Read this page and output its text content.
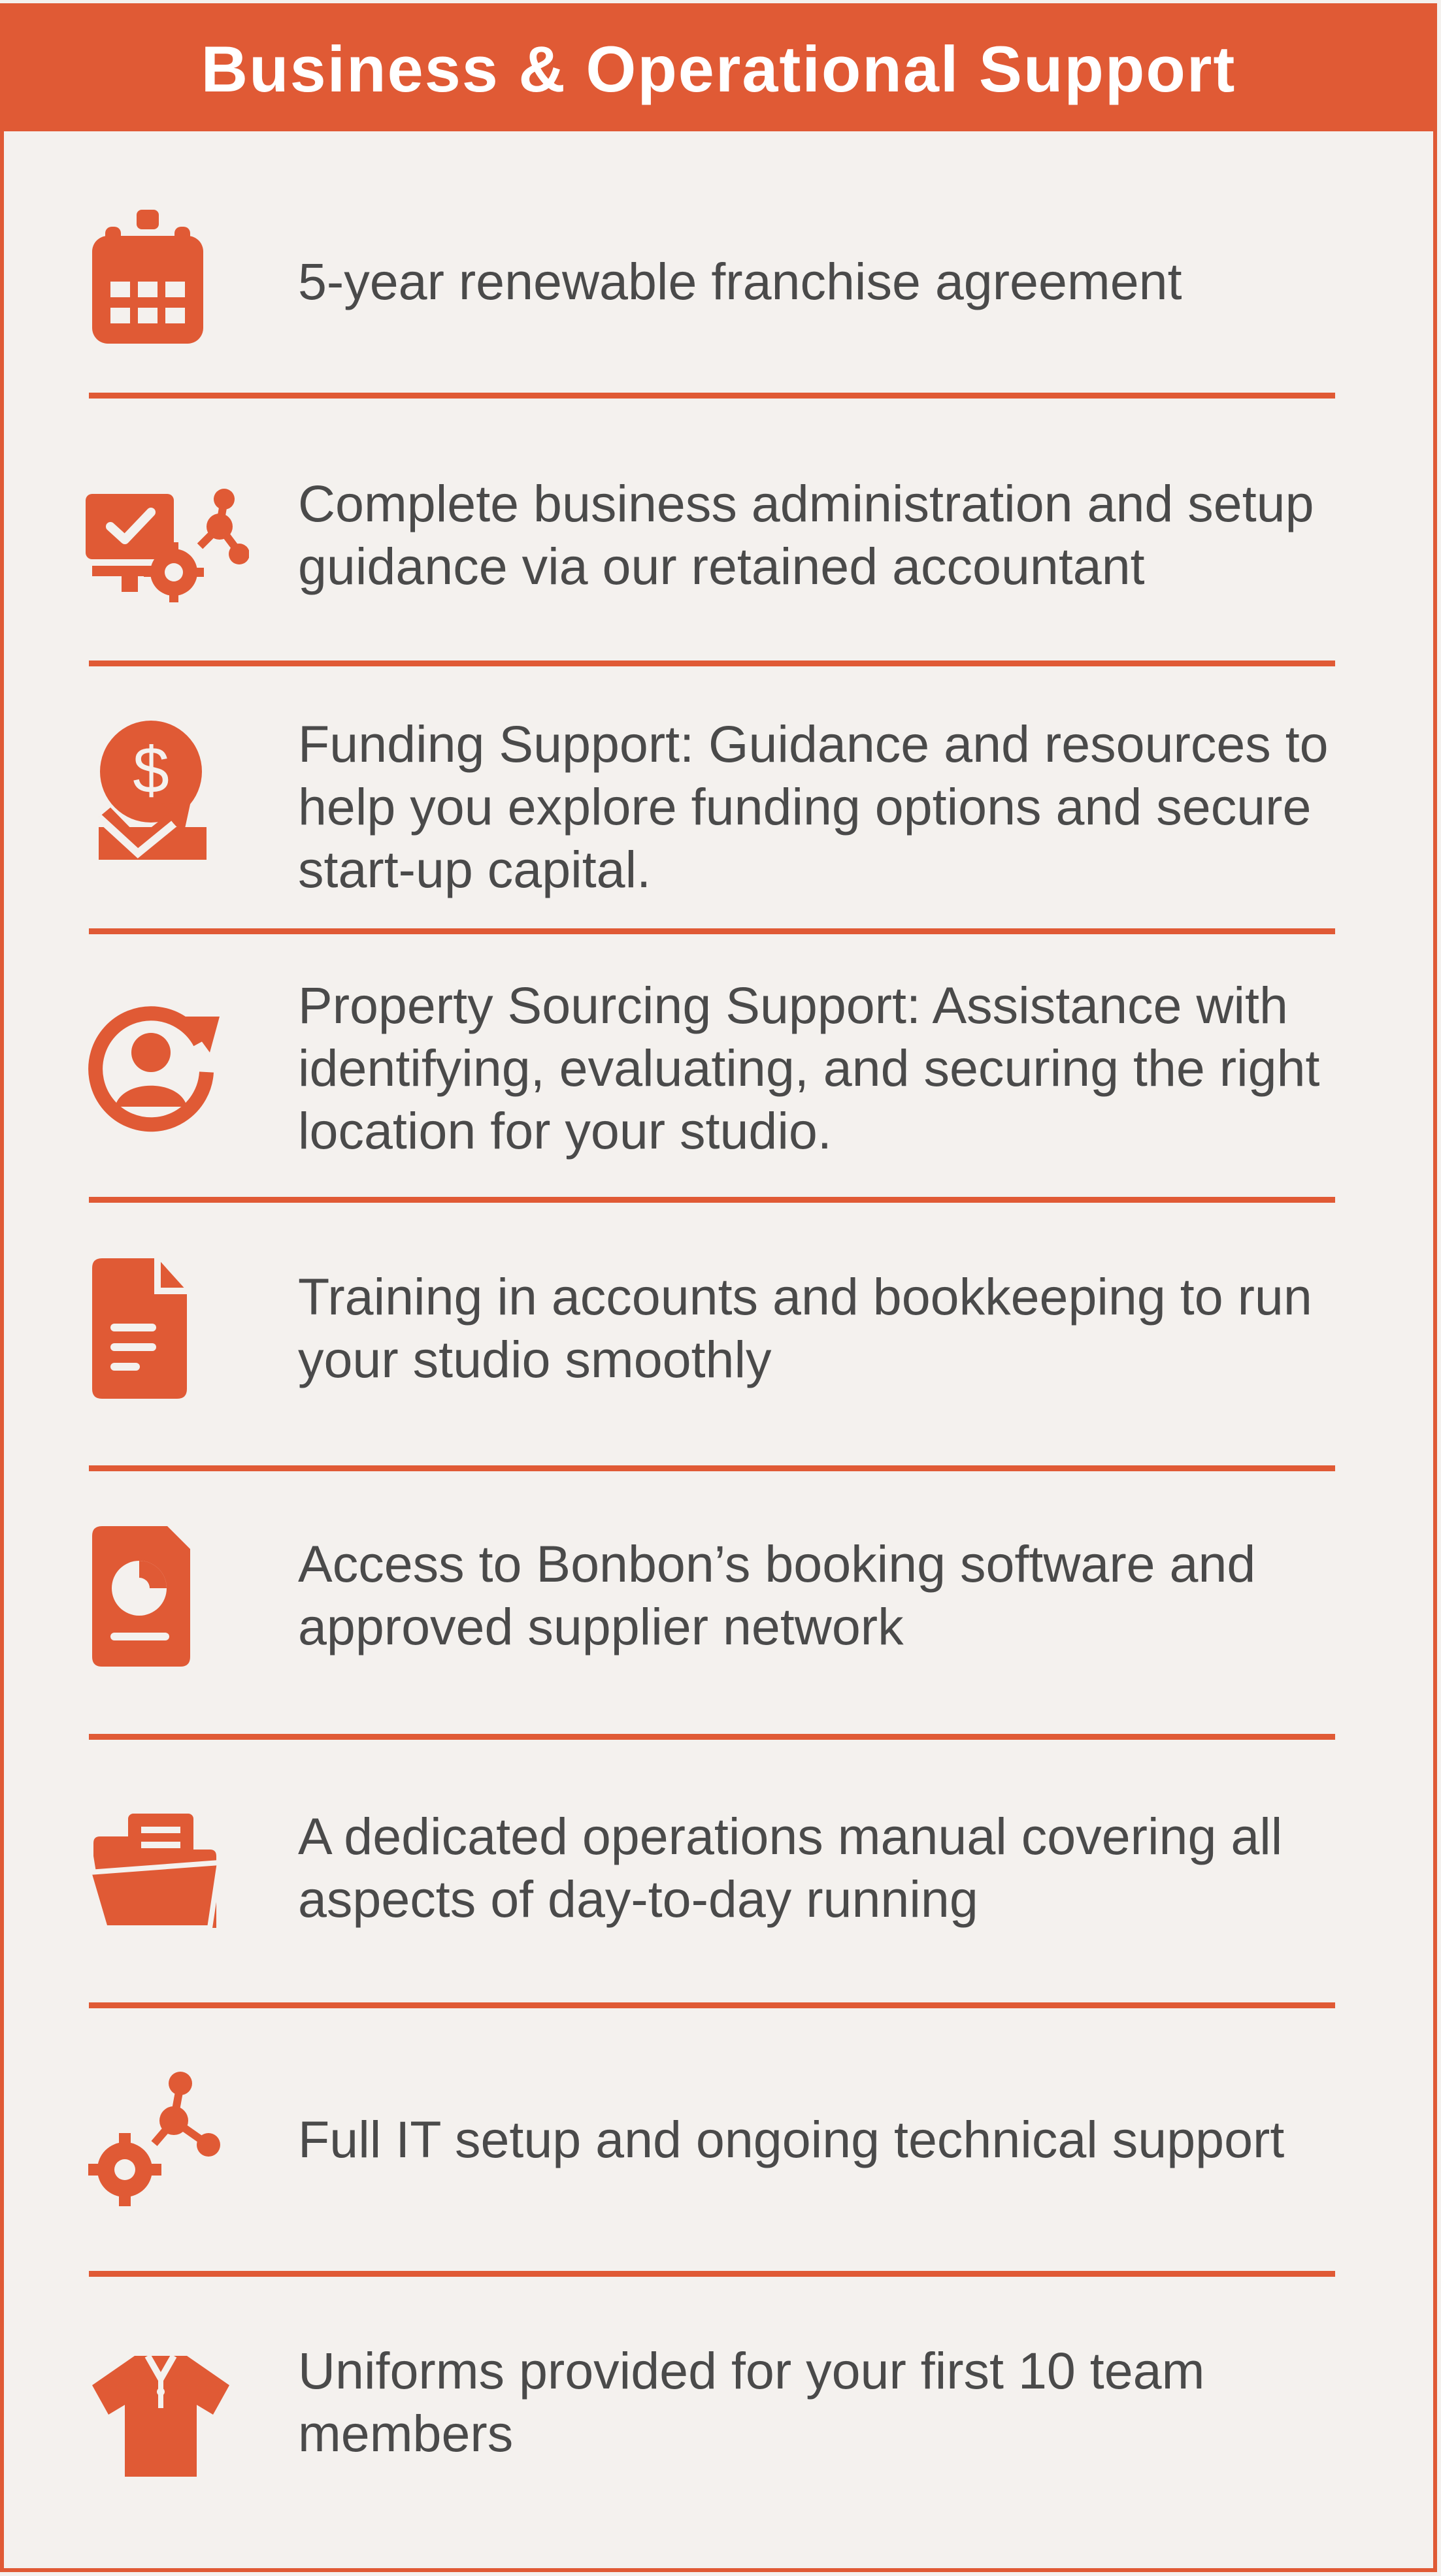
Business & Operational Support
5-year renewable franchise agreement
Complete business administration and setup
guidance via our retained accountant
$ Funding Support: Guidance and resources to
help you explore funding options and secure
start-up capital.
Property Sourcing Support: Assistance with
identifying, evaluating, and securing the right
location for your studio.
Training in accounts and bookkeeping to run
your studio smoothly
Access to Bonbon’s booking software and
approved supplier network
A dedicated operations manual covering all
aspects of day-to-day running
Full IT setup and ongoing technical support
Uniforms provided for your first 10 team
members
